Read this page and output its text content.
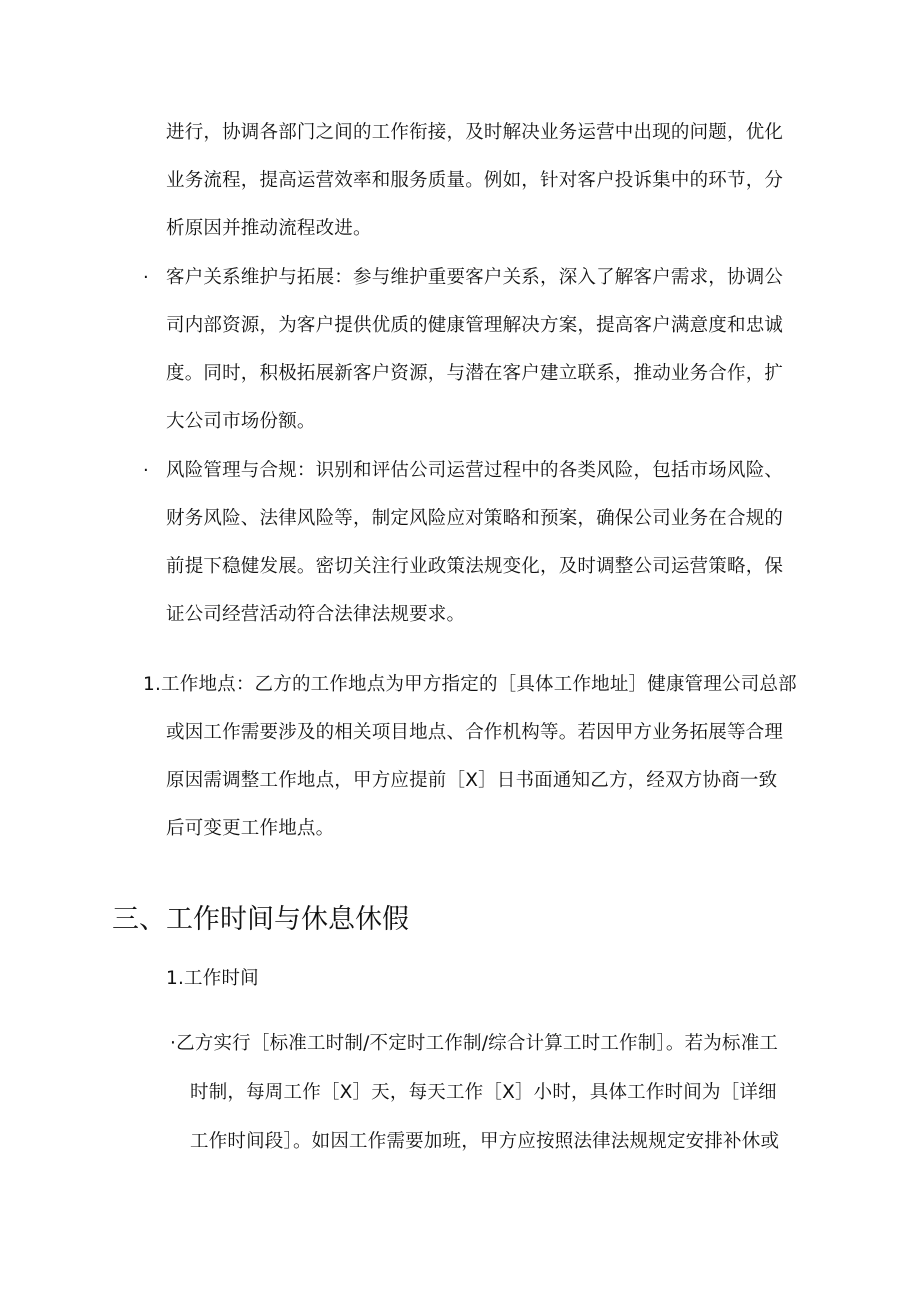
进行，协调各部门之间的工作衔接，及时解决业务运营中出现的问题，优化
业务流程，提高运营效率和服务质量。例如，针对客户投诉集中的环节，分
析原因并推动流程改进。
· 客户关系维护与拓展：参与维护重要客户关系，深入了解客户需求，协调公
司内部资源，为客户提供优质的健康管理解决方案，提高客户满意度和忠诚
度。同时，积极拓展新客户资源，与潜在客户建立联系，推动业务合作，扩
大公司市场份额。
· 风险管理与合规：识别和评估公司运营过程中的各类风险，包括市场风险、
财务风险、法律风险等，制定风险应对策略和预案，确保公司业务在合规的
前提下稳健发展。密切关注行业政策法规变化，及时调整公司运营策略，保
证公司经营活动符合法律法规要求。
1.工作地点：乙方的工作地点为甲方指定的［具体工作地址］健康管理公司总部
或因工作需要涉及的相关项目地点、合作机构等。若因甲方业务拓展等合理
原因需调整工作地点，甲方应提前［X］日书面通知乙方，经双方协商一致
后可变更工作地点。
三、工作时间与休息休假
1.工作时间
·乙方实行［标准工时制/不定时工作制/综合计算工时工作制］。若为标准工
时制，每周工作［X］天，每天工作［X］小时，具体工作时间为［详细
工作时间段］。如因工作需要加班，甲方应按照法律法规规定安排补休或
